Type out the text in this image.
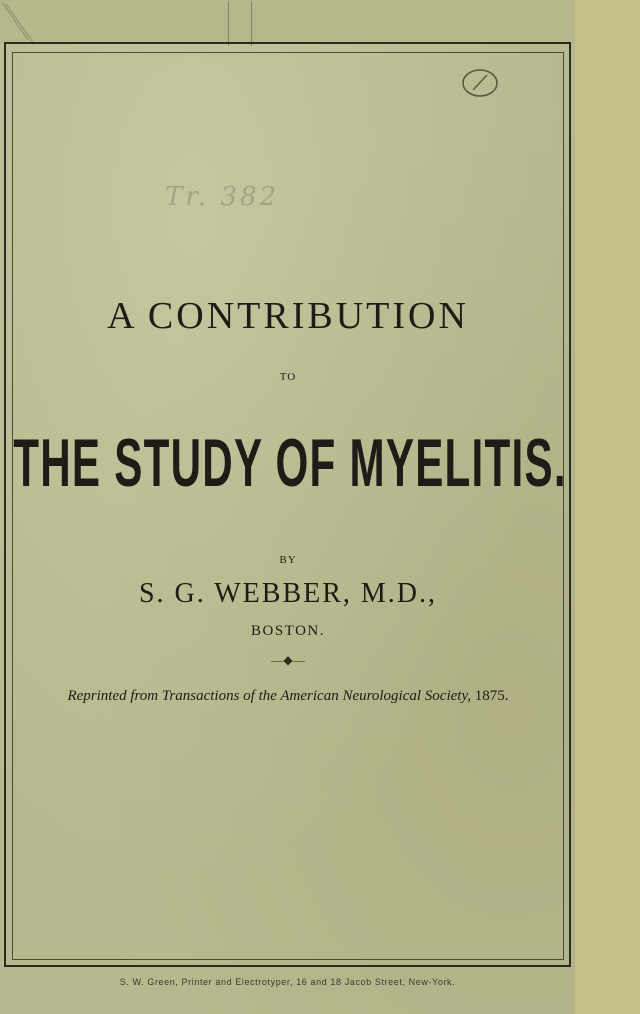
Tr. 382
A CONTRIBUTION
TO
THE STUDY OF MYELITIS.
BY
S. G. WEBBER, M.D.,
BOSTON.
—◆—
Reprinted from Transactions of the American Neurological Society, 1875.
S. W. Green, Printer and Electrotyper, 16 and 18 Jacob Street, New-York.
